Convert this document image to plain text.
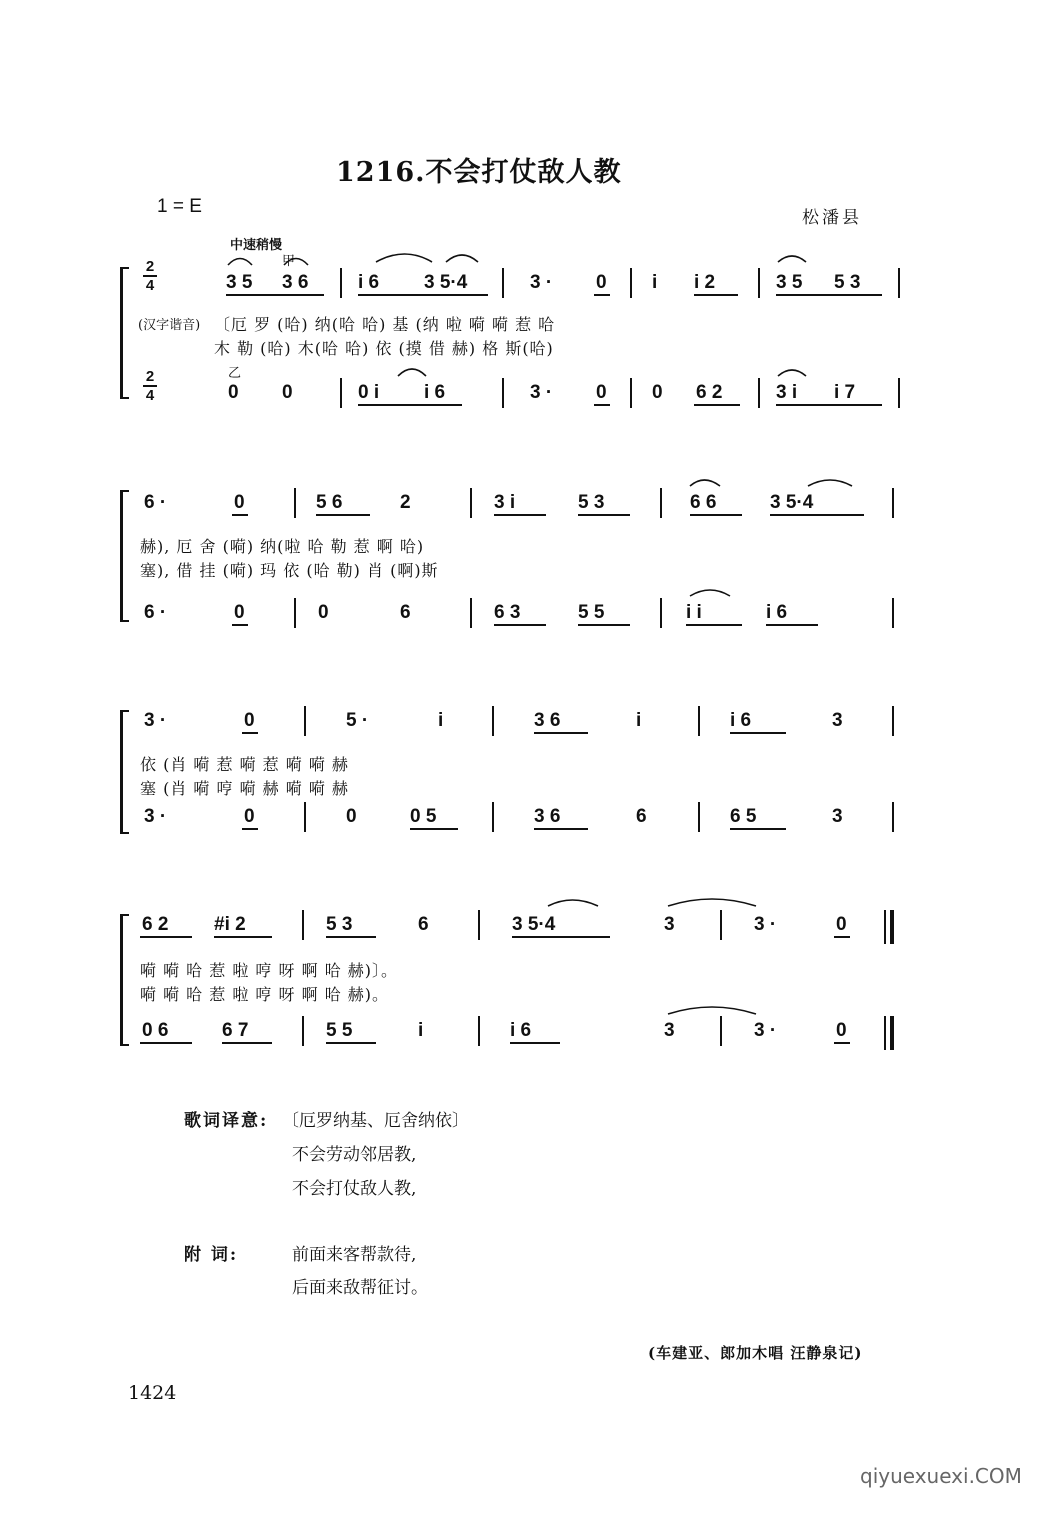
1216.不会打仗敌人教
1 = E
松潘县
中速稍慢
甲
乙
2
4
2
4
3 5 3 6	i 6 3 5·4	3 · 0 i i 2	3 5 5 3
(汉字谐音) 〔厄 罗 (哈) 纳(哈 哈) 基 (纳 啦 嗬 嗬 惹 哈
木 勒 (哈) 木(哈 哈) 依 (摸 借 赫) 格 斯(哈)
0 0	0 i i 6	3 · 0 0 6 2	3 i i 7
6 ·	0	5 6	2	3 i	5 3	6 6	3 5·4
赫), 厄 舍 (嗬) 纳(啦 哈 勒 惹 啊 哈)
塞), 借 挂 (嗬) 玛 依 (哈 勒) 肖 (啊)斯
6 ·	0	0	6	6 3	5 5	i i	i 6
3 ·	0	5 ·	i	3 6	i	i 6	3
依 (肖 嗬 惹 嗬 惹 嗬 嗬 赫
塞 (肖 嗬 哼 嗬 赫 嗬 嗬 赫
3 ·	0	0	0 5	3 6	6	6 5	3
6 2 #i 2	5 3	6	3 5·4	3	3 ·	0
嗬 嗬 哈 惹 啦 哼 呀 啊 哈 赫)〕。
嗬 嗬 哈 惹 啦 哼 呀 啊 哈 赫)。
0 6	6 7	5 5	i	i 6	3	3 ·	0
歌词译意: 〔厄罗纳基、厄舍纳依〕
不会劳动邻居教,
不会打仗敌人教,
附 词:	前面来客帮款待,
后面来敌帮征讨。
(车建亚、郎加木唱 汪静泉记)
1424
qiyuexuexi.COM
